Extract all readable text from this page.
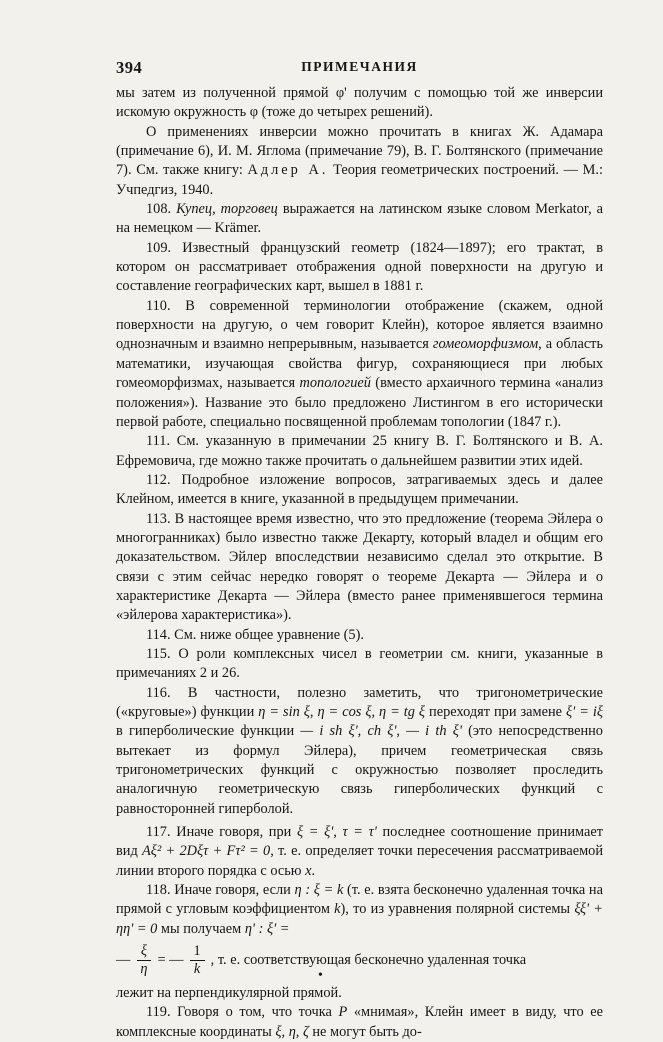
394	ПРИМЕЧАНИЯ

мы затем из полученной прямой φ' получим с помощью той же инверсии искомую окружность φ (тоже до четырех решений).

О применениях инверсии можно прочитать в книгах Ж. Адамара (примечание 6), И. М. Яглома (примечание 79), В. Г. Болтянского (примечание 7). См. также книгу: Адлер А. Теория геометрических построений. — М.: Учпедгиз, 1940.

108. Купец, торговец выражается на латинском языке словом Merkator, а на немецком — Krämer.

109. Известный французский геометр (1824—1897); его трактат, в котором он рассматривает отображения одной поверхности на другую и составление географических карт, вышел в 1881 г.

110. В современной терминологии отображение (скажем, одной поверхности на другую, о чем говорит Клейн), которое является взаимно однозначным и взаимно непрерывным, называется гомеоморфизмом, а область математики, изучающая свойства фигур, сохраняющиеся при любых гомеоморфизмах, называется топологией (вместо архаичного термина «анализ положения»). Название это было предложено Листингом в его исторически первой работе, специально посвященной проблемам топологии (1847 г.).

111. См. указанную в примечании 25 книгу В. Г. Болтянского и В. А. Ефремовича, где можно также прочитать о дальнейшем развитии этих идей.

112. Подробное изложение вопросов, затрагиваемых здесь и далее Клейном, имеется в книге, указанной в предыдущем примечании.

113. В настоящее время известно, что это предложение (теорема Эйлера о многогранниках) было известно также Декарту, который владел и общим его доказательством. Эйлер впоследствии независимо сделал это открытие. В связи с этим сейчас нередко говорят о теореме Декарта — Эйлера и о характеристике Декарта — Эйлера (вместо ранее применявшегося термина «эйлерова характеристика»).

114. См. ниже общее уравнение (5).

115. О роли комплексных чисел в геометрии см. книги, указанные в примечаниях 2 и 26.

116. В частности, полезно заметить, что тригонометрические («круговые») функции η = sin ξ, η = cos ξ, η = tg ξ переходят при замене ξ' = iξ в гиперболические функции — i sh ξ', ch ξ', — i th ξ' (это непосредственно вытекает из формул Эйлера), причем геометрическая связь тригонометрических функций с окружностью позволяет проследить аналогичную геометрическую связь гиперболических функций с равносторонней гиперболой.

117. Иначе говоря, при ξ = ξ', τ = τ' последнее соотношение принимает вид Aξ² + 2Dξτ + Fτ² = 0, т. е. определяет точки пересечения рассматриваемой линии второго порядка с осью x.

118. Иначе говоря, если η : ξ = k (т. е. взята бесконечно удаленная точка на прямой с угловым коэффициентом k), то из уравнения полярной системы ξξ' + ηη' = 0 мы получаем η' : ξ' =

— $\frac{\xi}{\eta}$ = — $\frac{1}{k}$ , т. е. соответствующая бесконечно удаленная точка

лежит на перпендикулярной прямой.

119. Говоря о том, что точка P «мнимая», Клейн имеет в виду, что ее комплексные координаты ξ, η, ζ не могут быть до-

•
